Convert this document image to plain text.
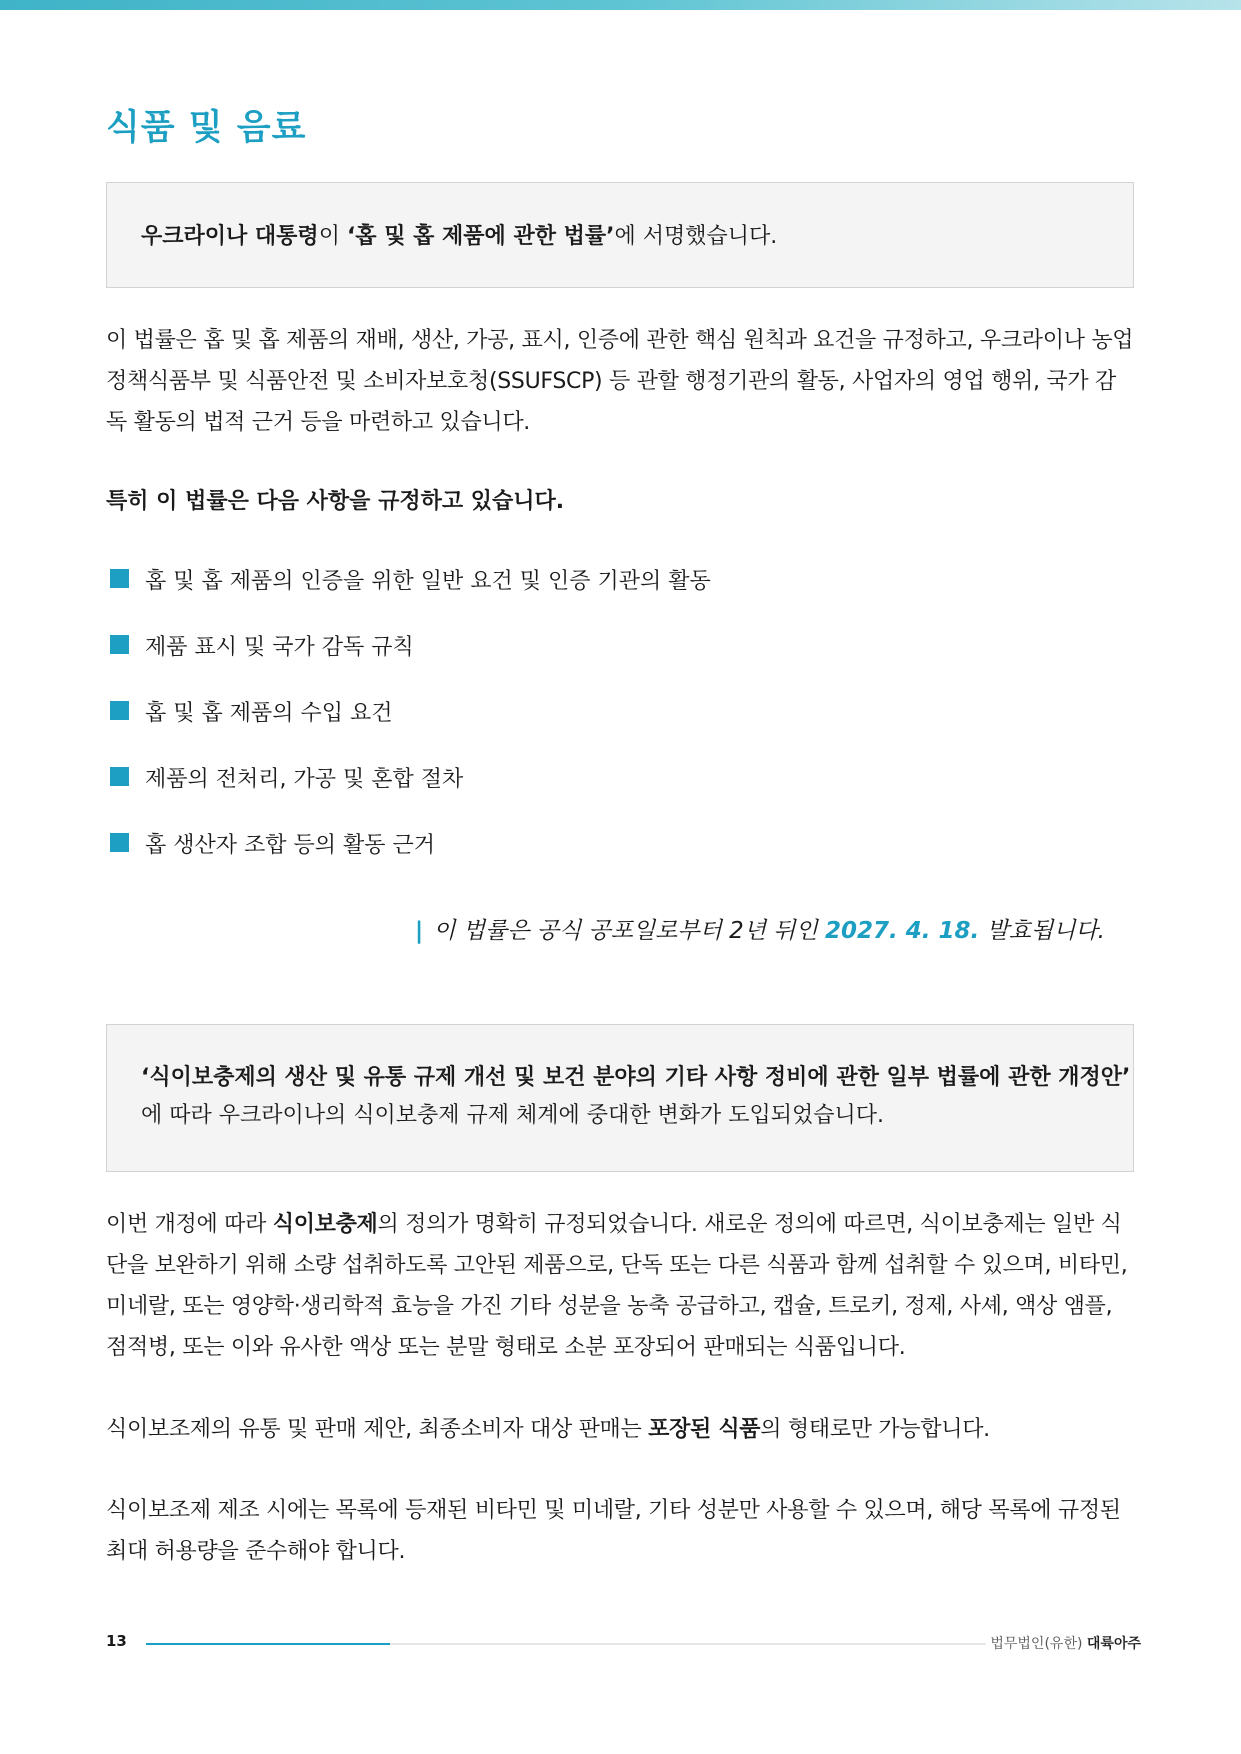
식품 및 음료
우크라이나 대통령이 ‘홉 및 홉 제품에 관한 법률’에 서명했습니다.
이 법률은 홉 및 홉 제품의 재배, 생산, 가공, 표시, 인증에 관한 핵심 원칙과 요건을 규정하고, 우크라이나 농업정책식품부 및 식품안전 및 소비자보호청(SSUFSCP) 등 관할 행정기관의 활동, 사업자의 영업 행위, 국가 감독 활동의 법적 근거 등을 마련하고 있습니다.
특히 이 법률은 다음 사항을 규정하고 있습니다.
홉 및 홉 제품의 인증을 위한 일반 요건 및 인증 기관의 활동
제품 표시 및 국가 감독 규칙
홉 및 홉 제품의 수입 요건
제품의 전처리, 가공 및 혼합 절차
홉 생산자 조합 등의 활동 근거
| 이 법률은 공식 공포일로부터 2년 뒤인 2027. 4. 18. 발효됩니다.
‘식이보충제의 생산 및 유통 규제 개선 및 보건 분야의 기타 사항 정비에 관한 일부 법률에 관한 개정안’
에 따라 우크라이나의 식이보충제 규제 체계에 중대한 변화가 도입되었습니다.
이번 개정에 따라 식이보충제의 정의가 명확히 규정되었습니다. 새로운 정의에 따르면, 식이보충제는 일반 식단을 보완하기 위해 소량 섭취하도록 고안된 제품으로, 단독 또는 다른 식품과 함께 섭취할 수 있으며, 비타민, 미네랄, 또는 영양학·생리학적 효능을 가진 기타 성분을 농축 공급하고, 캡슐, 트로키, 정제, 사셰, 액상 앰플, 점적병, 또는 이와 유사한 액상 또는 분말 형태로 소분 포장되어 판매되는 식품입니다.
식이보조제의 유통 및 판매 제안, 최종소비자 대상 판매는 포장된 식품의 형태로만 가능합니다.
식이보조제 제조 시에는 목록에 등재된 비타민 및 미네랄, 기타 성분만 사용할 수 있으며, 해당 목록에 규정된 최대 허용량을 준수해야 합니다.
13	법무법인(유한) 대륙아주
